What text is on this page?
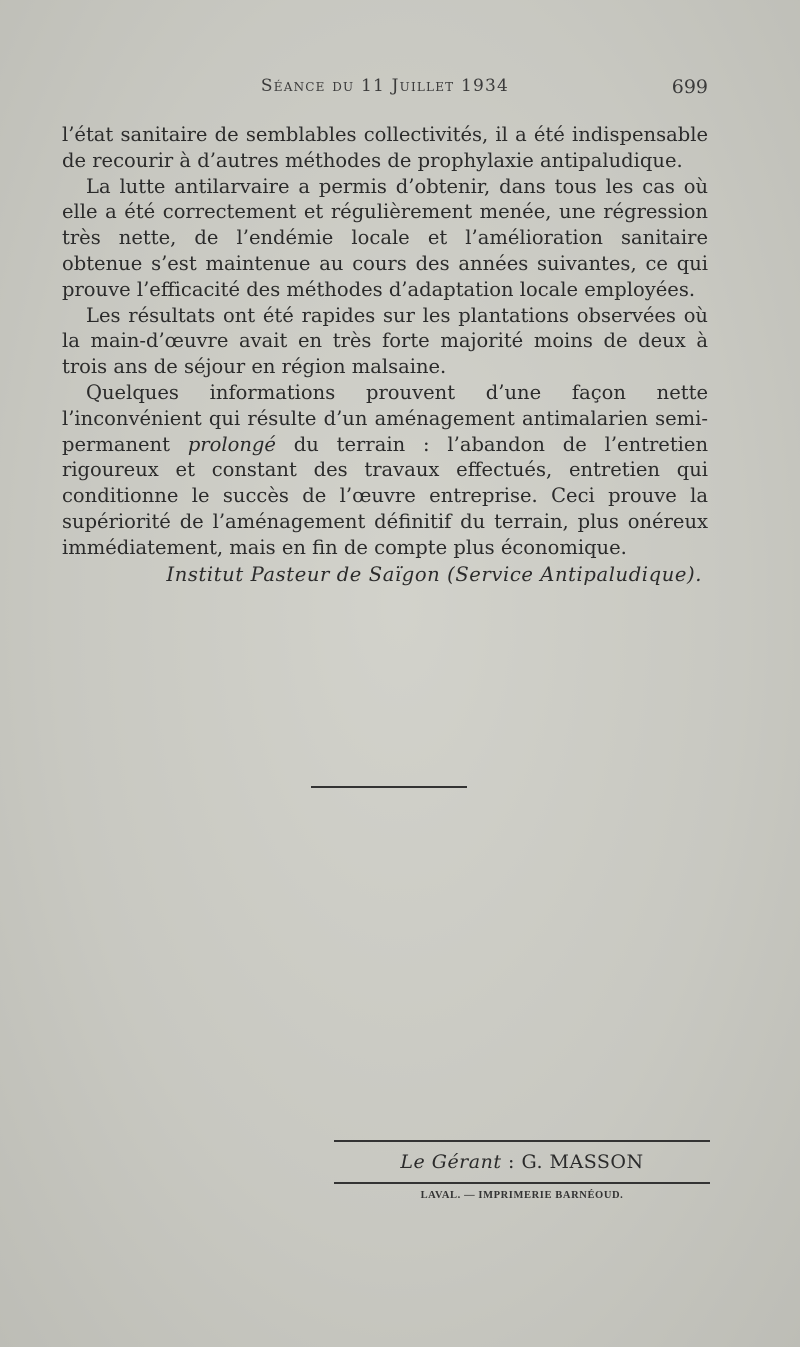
Séance du 11 Juillet 1934	699

l’état sanitaire de semblables collectivités, il a été indispensable de recourir à d’autres méthodes de prophylaxie antipaludique.

La lutte antilarvaire a permis d’obtenir, dans tous les cas où elle a été correctement et régulièrement menée, une régression très nette, de l’endémie locale et l’amélioration sanitaire obtenue s’est maintenue au cours des années suivantes, ce qui prouve l’efficacité des méthodes d’adaptation locale employées.

Les résultats ont été rapides sur les plantations observées où la main-d’œuvre avait en très forte majorité moins de deux à trois ans de séjour en région malsaine.

Quelques informations prouvent d’une façon nette l’inconvénient qui résulte d’un aménagement antimalarien semi-permanent prolongé du terrain : l’abandon de l’entretien rigoureux et constant des travaux effectués, entretien qui conditionne le succès de l’œuvre entreprise. Ceci prouve la supériorité de l’aménagement définitif du terrain, plus onéreux immédiatement, mais en fin de compte plus économique.

Institut Pasteur de Saïgon (Service Antipaludique).
Le Gérant : G. MASSON
LAVAL. — IMPRIMERIE BARNÉOUD.
